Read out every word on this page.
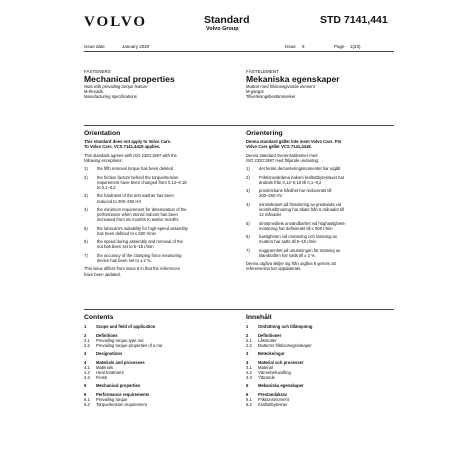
VOLVO	Standard
Volvo Group
STD 7141,441
Issue date	January 2020	Issue 9	Page 1(23)
FASTENERS
Mechanical properties
Nuts with prevailing torque feature
M-threads
Manufacturing specifications
FÄSTELEMENT
Mekaniska egenskaper
Muttrar med friktionsgivande element
M-gängor
Tillverkningsbestämmelser
Orientation
This standard does not apply to Volvo Cars.
To Volvo Cars, VCS 7141,4419 applies.
This standard agrees with ISO 2320:1997 with the
following exceptions:
1)	the fifth removal torque has been deleted
2)	the friction factors behind the torque/tension
requirement have been changed from 0,12–0,18
to 0,1–0,2
3)	the hardness of the test washer has been
reduced to 200–250 HV
4)	the minimum requirement for deterioration of the
performance when stored indoors has been
increased from six months to twelve months
5)	the lubricant's suitability for high-speed assembly
has been defined to ≤ 500 r/min
6)	the speed during assembly and removal of the
nut has been set to 5–15 r/min
7)	the accuracy of the clamping force measuring
device has been set to ± 2 %.
This issue differs from issue 8 in that the references
have been updated.
Orientering
Denna standard gäller inte inom Volvo Cars. För
Volvo Cars gäller VCS 7141,4419.
Denna standard överensstämmer med
ISO 2320:1997 med följande undantag:
1)	det femte demonteringsmomentet har utgått
2)	Friktionsvärdena bakom kraftuttbytesravet har
ändrats från 0,12–0,18 till 0,1–0,2
3)	provbrickans hårdhet har reducerats till
200–250 HV
4)	minimikravet på försämring av prestanda vid
inomhusförvaring har ökats från 6 månader till
12 månader
5)	smörjmedlets användbarhet vid höghastighets-
montering har definierats till ≤ 500 r/min
6)	hastigheten vid montering och lossning av
muttern har satts till 5–15 r/min
7)	noggrannhet på utrustningen för mätning av
klämkraften har satts till ± 2 %.
Denna utgåva skiljer sig från utgåva 8 genom att
referenserna har uppdaterats.
Contents
1	Scope and field of application
2	Definitions
2.1	Prevailing torque type nut
2.2	Prevailing torque properties of a nut
3	Designations
4	Materials and processes
4.1	Materials
4.2	Heat treatment
4.3	Finish
5	Mechanical properties
6	Performance requirements
6.1	Prevailing torque
6.2	Torque/tension requirement
Innehåll
1	Omfattning och tillämpning
2	Definitioner
2.1	Låsmutter
2.2	Mutterns friktionsegenskaper
3	Beteckningar
4	Material och processer
4.1	Material
4.2	Värmebehandling
4.3	Ytbrande
5	Mekaniska egenskaper
6	Prestandakrav
6.1	Friktionsmoment
6.2	Kraftuttbytesrav
